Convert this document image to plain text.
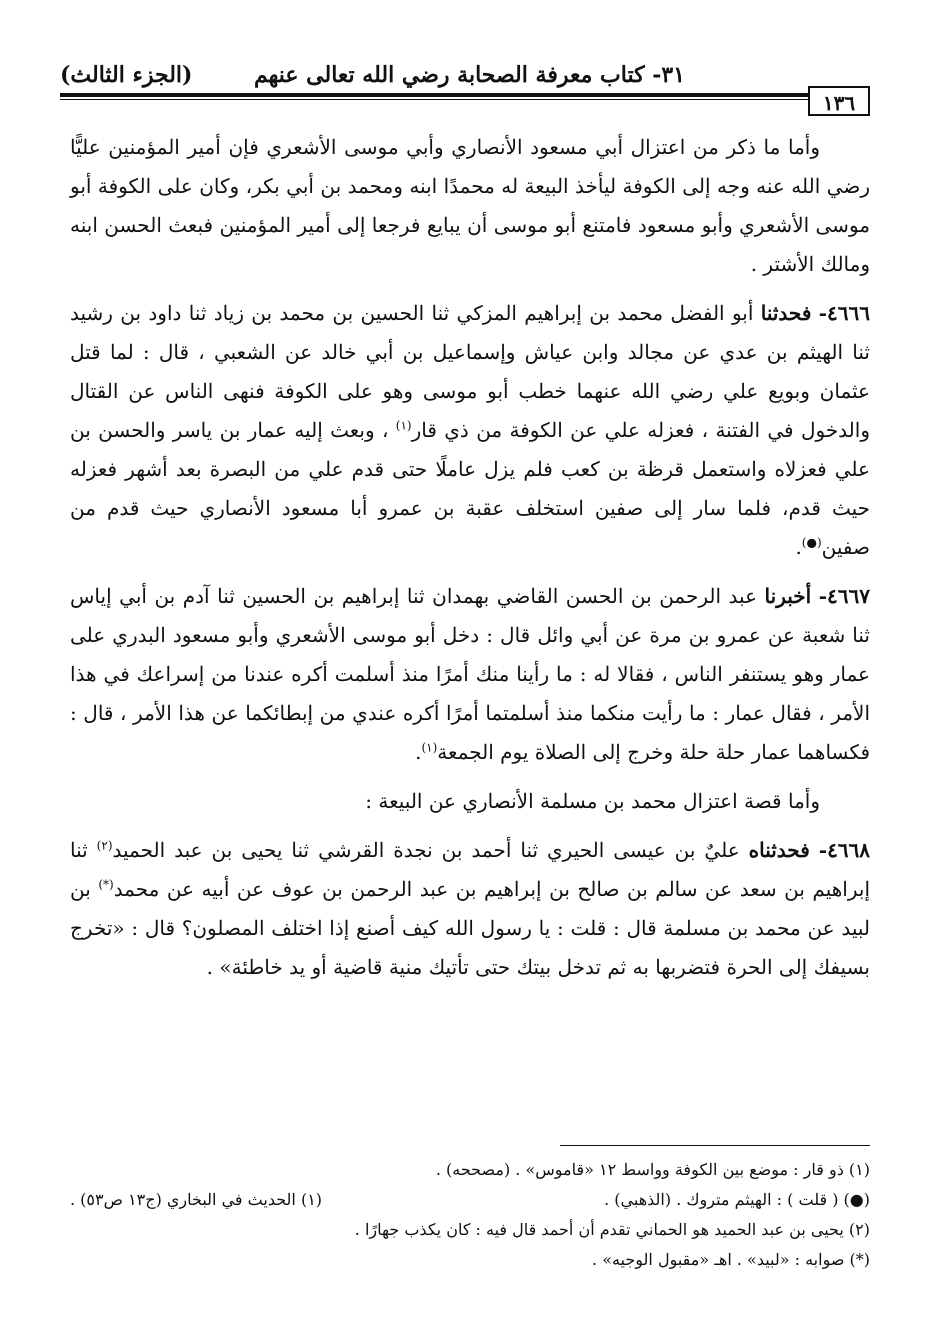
٣١- كتاب معرفة الصحابة رضي الله تعالى عنهم
(الجزء الثالث)
١٣٦

وأما ما ذكر من اعتزال أبي مسعود الأنصاري وأبي موسى الأشعري فإن أمير المؤمنين عليًّا رضي الله عنه وجه إلى الكوفة ليأخذ البيعة له محمدًا ابنه ومحمد بن أبي بكر، وكان على الكوفة أبو موسى الأشعري وأبو مسعود فامتنع أبو موسى أن يبايع فرجعا إلى أمير المؤمنين فبعث الحسن ابنه ومالك الأشتر .

٤٦٦٦- فحدثنا أبو الفضل محمد بن إبراهيم المزكي ثنا الحسين بن محمد بن زياد ثنا داود بن رشيد ثنا الهيثم بن عدي عن مجالد وابن عياش وإسماعيل بن أبي خالد عن الشعبي ، قال : لما قتل عثمان وبويع علي رضي الله عنهما خطب أبو موسى وهو على الكوفة فنهى الناس عن القتال والدخول في الفتنة ، فعزله علي عن الكوفة من ذي قار$^{(١)}$ ، وبعث إليه عمار بن ياسر والحسن بن علي فعزلاه واستعمل قرظة بن كعب فلم يزل عاملًا حتى قدم علي من البصرة بعد أشهر فعزله حيث قدم، فلما سار إلى صفين استخلف عقبة بن عمرو أبا مسعود الأنصاري حيث قدم من صفين(●).

٤٦٦٧- أخبرنا عبد الرحمن بن الحسن القاضي بهمدان ثنا إبراهيم بن الحسين ثنا آدم بن أبي إياس ثنا شعبة عن عمرو بن مرة عن أبي وائل قال : دخل أبو موسى الأشعري وأبو مسعود البدري على عمار وهو يستنفر الناس ، فقالا له : ما رأينا منك أمرًا منذ أسلمت أكره عندنا من إسراعك في هذا الأمر ، فقال عمار : ما رأيت منكما منذ أسلمتما أمرًا أكره عندي من إبطائكما عن هذا الأمر ، قال : فكساهما عمار حلة حلة وخرج إلى الصلاة يوم الجمعة$^{(١)}$.

وأما قصة اعتزال محمد بن مسلمة الأنصاري عن البيعة :

٤٦٦٨- فحدثناه عليٌ بن عيسى الحيري ثنا أحمد بن نجدة القرشي ثنا يحيى بن عبد الحميد$^{(٢)}$ ثنا إبراهيم بن سعد عن سالم بن صالح بن إبراهيم بن عبد الرحمن بن عوف عن أبيه عن محمد(*) بن لبيد عن محمد بن مسلمة قال : قلت : يا رسول الله كيف أصنع إذا اختلف المصلون؟ قال : «تخرج بسيفك إلى الحرة فتضربها به ثم تدخل بيتك حتى تأتيك منية قاضية أو يد خاطئة» .

(١) ذو قار : موضع بين الكوفة وواسط ١٢ «قاموس» . (مصححه) .
(●) ( قلت ) : الهيثم متروك . (الذهبي) .
(١) الحديث في البخاري (ج١٣ ص٥٣) .
(٢) يحيى بن عبد الحميد هو الحماني تقدم أن أحمد قال فيه : كان يكذب جهارًا .
(*) صوابه : «لبيد» . اهـ «مقبول الوجيه» .
